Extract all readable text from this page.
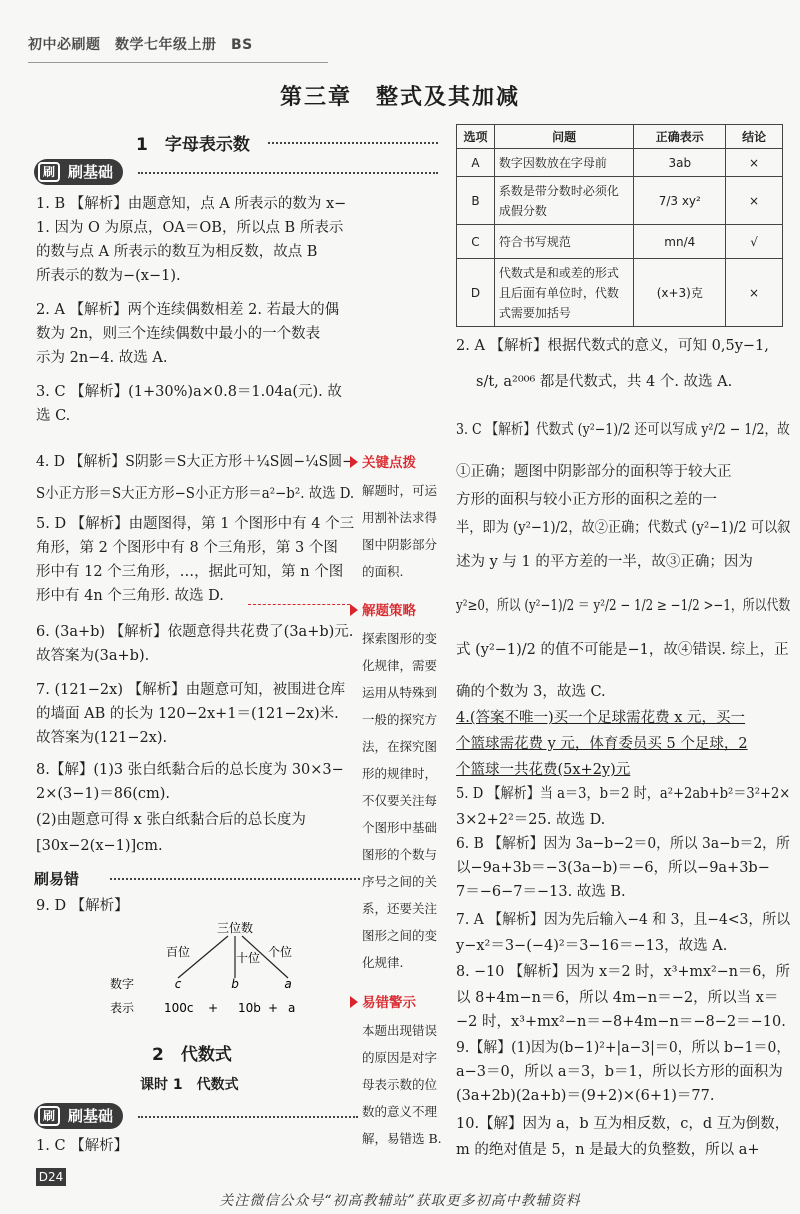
初中必刷题　数学七年级上册　BS
第三章　整式及其加减
1　字母表示数
刷 刷基础
1. B 【解析】由题意知，点 A 所表示的数为 x−
1. 因为 O 为原点，OA＝OB，所以点 B 所表示
的数与点 A 所表示的数互为相反数，故点 B
所表示的数为−(x−1).
2. A 【解析】两个连续偶数相差 2. 若最大的偶
数为 2n，则三个连续偶数中最小的一个数表
示为 2n−4. 故选 A.
3. C 【解析】(1+30%)a×0.8＝1.04a(元). 故
选 C.
4. D 【解析】S阴影＝S大正方形＋¼S圆−¼S圆−
S小正方形＝S大正方形−S小正方形＝a²−b². 故选 D.
5. D 【解析】由题图得，第 1 个图形中有 4 个三
角形，第 2 个图形中有 8 个三角形，第 3 个图
形中有 12 个三角形，…，据此可知，第 n 个图
形中有 4n 个三角形. 故选 D.
6. (3a+b) 【解析】依题意得共花费了(3a+b)元.
故答案为(3a+b).
7. (121−2x) 【解析】由题意可知，被围进仓库
的墙面 AB 的长为 120−2x+1＝(121−2x)米.
故答案为(121−2x).
8.【解】(1)3 张白纸黏合后的总长度为 30×3−
2×(3−1)＝86(cm).
(2)由题意可得 x 张白纸黏合后的总长度为
[30x−2(x−1)]cm.
9. D 【解析】
刷易错
三位数
百位	十位 个位
数字	c	b	a
表示 100c + 10b + a
2　代数式
课时 1　代数式
刷 刷基础
1. C 【解析】
D24
关键点拨
解题时，可运
用割补法求得
图中阴影部分
的面积.
解题策略
探索图形的变
化规律，需要
运用从特殊到
一般的探究方
法，在探究图
形的规律时，
不仅要关注每
个图形中基础
图形的个数与
序号之间的关
系，还要关注
图形之间的变
化规律.
易错警示
本题出现错误
的原因是对字
母表示数的位
数的意义不理
解，易错选 B.
选项	问题	正确表示	结论
A	数字因数放在字母前	3ab	×
B	系数是带分数时必须化成假分数	7/3 xy²	×
C	符合书写规范	mn/4	√
D	代数式是和或差的形式且后面有单位时，代数式需要加括号	(x+3)克	×
2. A 【解析】根据代数式的意义，可知 0,5y−1,
s/t, a²⁰⁰⁶ 都是代数式，共 4 个. 故选 A.
3. C 【解析】代数式 (y²−1)/2 还可以写成 y²/2 − 1/2，故
①正确；题图中阴影部分的面积等于较大正
方形的面积与较小正方形的面积之差的一
半，即为 (y²−1)/2，故②正确；代数式 (y²−1)/2 可以叙
述为 y 与 1 的平方差的一半，故③正确；因为
y²≥0，所以 (y²−1)/2 ＝ y²/2 − 1/2 ≥ −1/2 >−1，所以代数
式 (y²−1)/2 的值不可能是−1，故④错误. 综上，正
确的个数为 3，故选 C.
4.(答案不唯一)买一个足球需花费 x 元，买一
个篮球需花费 y 元，体育委员买 5 个足球，2
个篮球一共花费(5x+2y)元
5. D 【解析】当 a＝3，b＝2 时，a²+2ab+b²＝3²+2×
3×2+2²＝25. 故选 D.
6. B 【解析】因为 3a−b−2＝0，所以 3a−b＝2，所
以−9a+3b＝−3(3a−b)＝−6，所以−9a+3b−
7＝−6−7＝−13. 故选 B.
7. A 【解析】因为先后输入−4 和 3，且−4<3，所以
y−x²＝3−(−4)²＝3−16＝−13，故选 A.
8. −10 【解析】因为 x＝2 时，x³+mx²−n＝6，所
以 8+4m−n＝6，所以 4m−n＝−2，所以当 x＝
−2 时，x³+mx²−n＝−8+4m−n＝−8−2＝−10.
9.【解】(1)因为(b−1)²+|a−3|＝0，所以 b−1＝0，
a−3＝0，所以 a＝3，b＝1，所以长方形的面积为
(3a+2b)(2a+b)＝(9+2)×(6+1)＝77.
10.【解】因为 a，b 互为相反数，c，d 互为倒数，
m 的绝对值是 5，n 是最大的负整数，所以 a+
关注微信公众号“初高教辅站”获取更多初高中教辅资料
